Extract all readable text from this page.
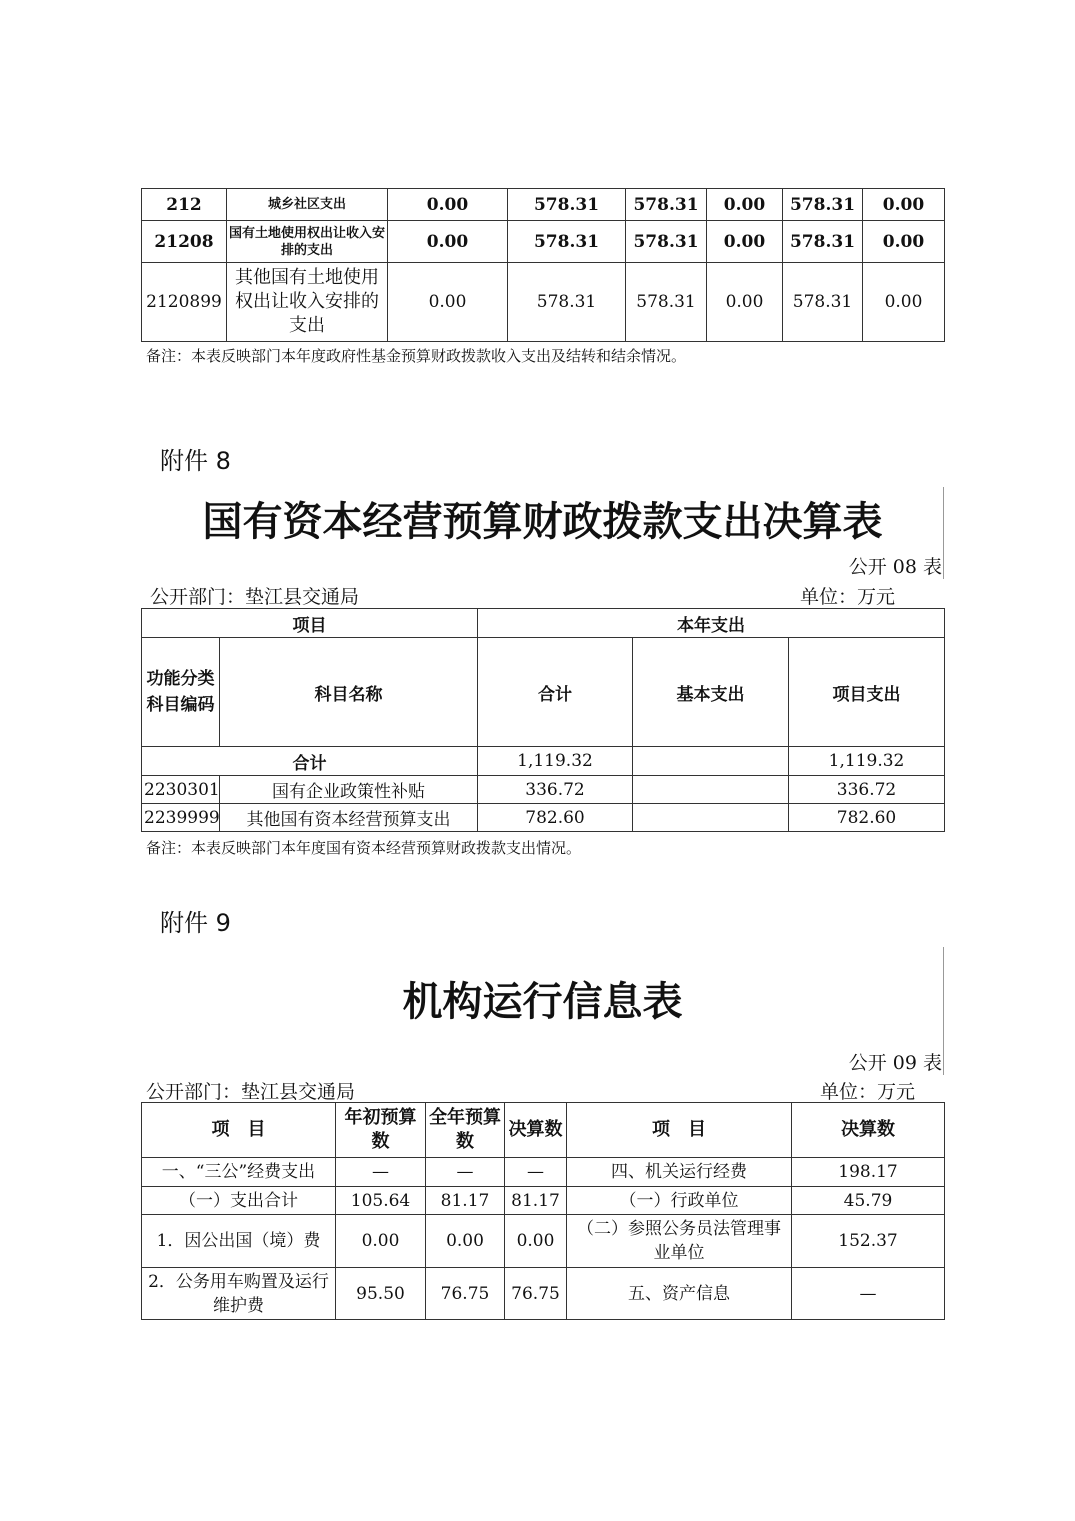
212	城乡社区支出	0.00	578.31	578.31	0.00	578.31	0.00
21208	国有土地使用权出让收入安排的支出	0.00	578.31	578.31	0.00	578.31	0.00
2120899	其他国有土地使用权出让收入安排的支出	0.00	578.31	578.31	0.00	578.31	0.00
备注：本表反映部门本年度政府性基金预算财政拨款收入支出及结转和结余情况。
附件 8
国有资本经营预算财政拨款支出决算表
公开 08 表
公开部门：垫江县交通局	单位：万元
项目		本年支出		
功能分类科目编码	科目名称	合计	基本支出	项目支出
合计		1,119.32		1,119.32
2230301	国有企业政策性补贴	336.72		336.72
2239999	其他国有资本经营预算支出	782.60		782.60
备注：本表反映部门本年度国有资本经营预算财政拨款支出情况。
附件 9
机构运行信息表
公开 09 表
公开部门：垫江县交通局	单位：万元
项　目	年初预算数	全年预算数	决算数	项　目	决算数
一、“三公”经费支出	—	—	—	四、机关运行经费	198.17
（一）支出合计	105.64	81.17	81.17	（一）行政单位	45.79
1．因公出国（境）费	0.00	0.00	0.00	（二）参照公务员法管理事业单位	152.37
2．公务用车购置及运行维护费	95.50	76.75	76.75	五、资产信息	—
